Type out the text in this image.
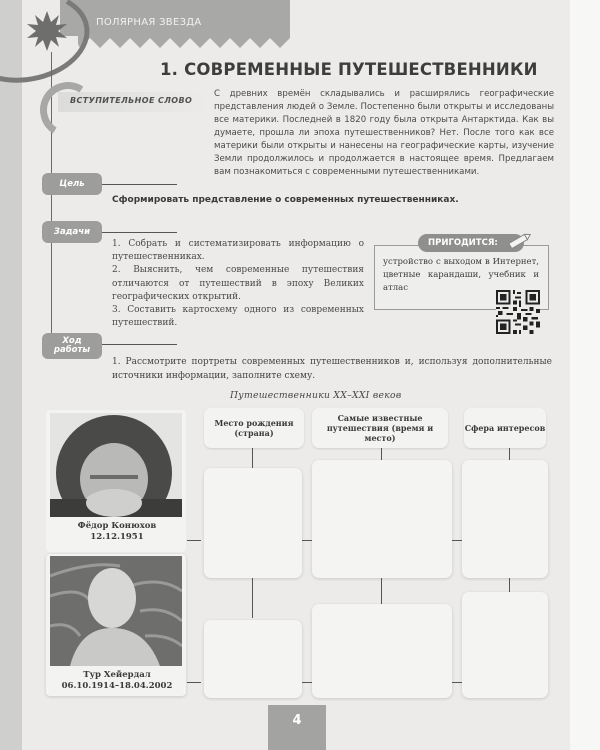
ПОЛЯРНАЯ ЗВЕЗДА
1. СОВРЕМЕННЫЕ ПУТЕШЕСТВЕННИКИ
ВСТУПИТЕЛЬНОЕ СЛОВО
С древних времён складывались и расширялись географические представления людей о Земле. Постепенно были открыты и исследованы все материки. Последней в 1820 году была открыта Антарктида. Как вы думаете, прошла ли эпоха путешественников? Нет. После того как все материки были открыты и нанесены на географические карты, изучение Земли продолжилось и продолжается в настоящее время. Предлагаем вам познакомиться с современными путешественниками.
Цель
Сформировать представление о современных путешественниках.
Задачи

1. Собрать и систематизировать информацию о путешественниках.

2. Выяснить, чем современные путешествия отличаются от путешествий в эпоху Великих географических открытий.

3. Составить картосхему одного из современных путешествий.

ПРИГОДИТСЯ:
устройство с выходом в Интернет, цветные карандаши, учебник и атлас
Ход
работы
1. Рассмотрите портреты современных путешественников и, используя дополнительные источники информации, заполните схему.
Путешественники XX–XXI веков
Место рождения (страна)
Самые известные путешествия (время и место)
Сфера интересов
Фёдор Конюхов
12.12.1951
Тур Хейердал
06.10.1914–18.04.2002
4
